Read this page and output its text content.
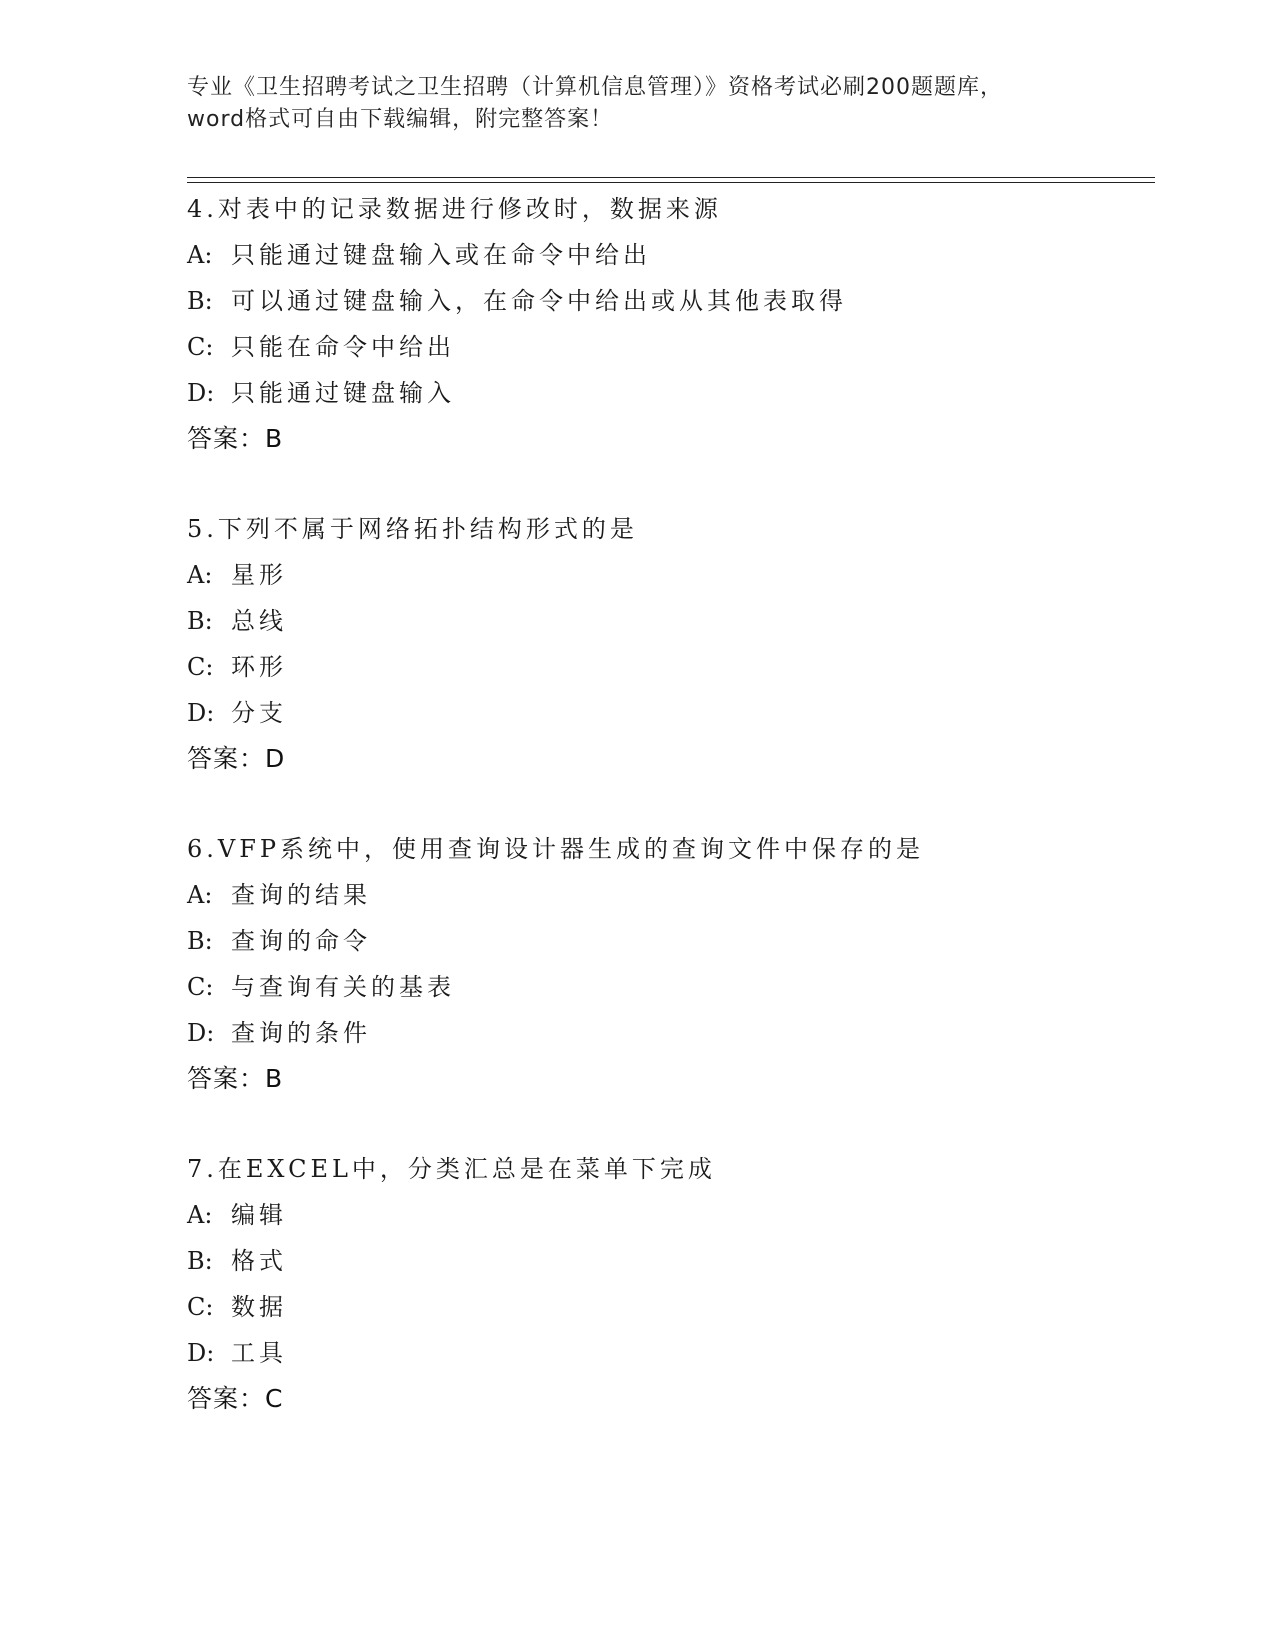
专业《卫生招聘考试之卫生招聘（计算机信息管理）》资格考试必刷200题题库，
word格式可自由下载编辑，附完整答案！
4.对表中的记录数据进行修改时，数据来源
A: 只能通过键盘输入或在命令中给出
B: 可以通过键盘输入，在命令中给出或从其他表取得
C: 只能在命令中给出
D: 只能通过键盘输入
答案：B
5.下列不属于网络拓扑结构形式的是
A: 星形
B: 总线
C: 环形
D: 分支
答案：D
6.VFP系统中，使用查询设计器生成的查询文件中保存的是
A: 查询的结果
B: 查询的命令
C: 与查询有关的基表
D: 查询的条件
答案：B
7.在EXCEL中，分类汇总是在菜单下完成
A: 编辑
B: 格式
C: 数据
D: 工具
答案：C
